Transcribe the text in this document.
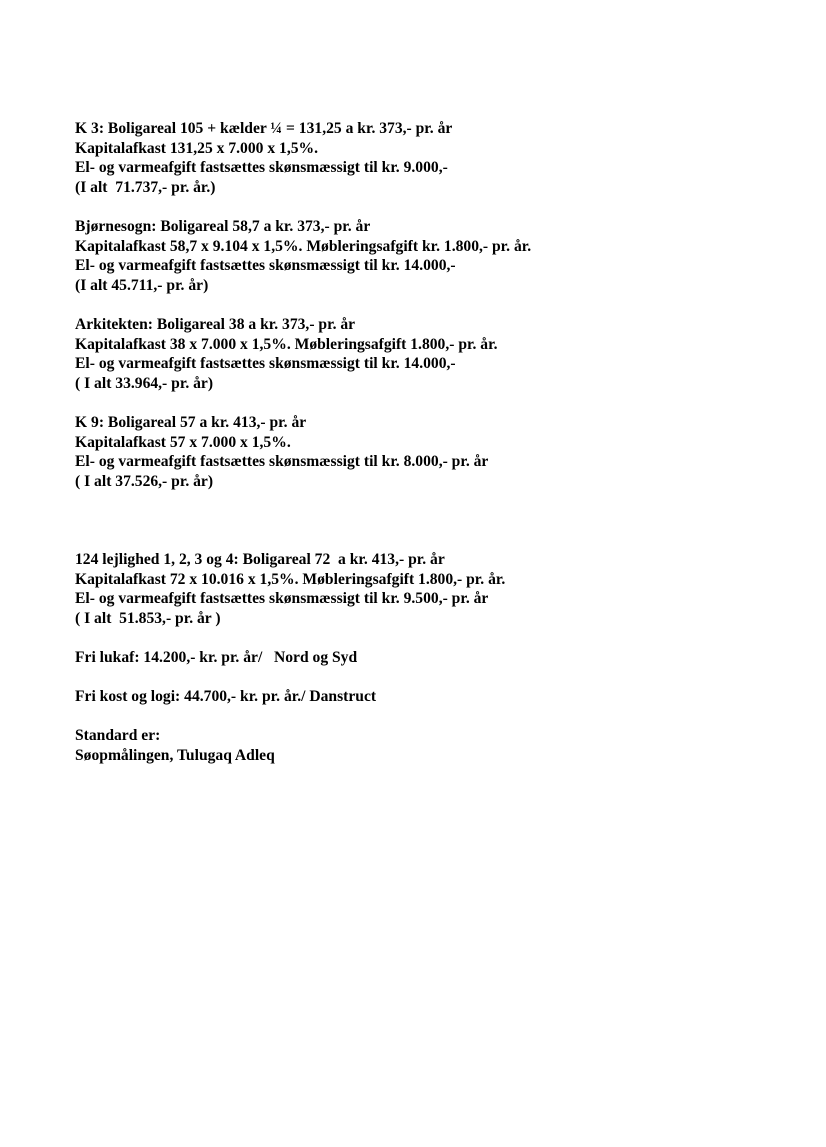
K 3: Boligareal 105 + kælder ¼ = 131,25 a kr. 373,- pr. år
Kapitalafkast 131,25 x 7.000 x 1,5%.
El- og varmeafgift fastsættes skønsmæssigt til kr. 9.000,-
(I alt  71.737,- pr. år.)
Bjørnesogn: Boligareal 58,7 a kr. 373,- pr. år
Kapitalafkast 58,7 x 9.104 x 1,5%. Møbleringsafgift kr. 1.800,- pr. år.
El- og varmeafgift fastsættes skønsmæssigt til kr. 14.000,-
(I alt 45.711,- pr. år)
Arkitekten: Boligareal 38 a kr. 373,- pr. år
Kapitalafkast 38 x 7.000 x 1,5%. Møbleringsafgift 1.800,- pr. år.
El- og varmeafgift fastsættes skønsmæssigt til kr. 14.000,-
( I alt 33.964,- pr. år)
K 9: Boligareal 57 a kr. 413,- pr. år
Kapitalafkast 57 x 7.000 x 1,5%.
El- og varmeafgift fastsættes skønsmæssigt til kr. 8.000,- pr. år
( I alt 37.526,- pr. år)
124 lejlighed 1, 2, 3 og 4: Boligareal 72  a kr. 413,- pr. år
Kapitalafkast 72 x 10.016 x 1,5%. Møbleringsafgift 1.800,- pr. år.
El- og varmeafgift fastsættes skønsmæssigt til kr. 9.500,- pr. år
( I alt  51.853,- pr. år )
Fri lukaf: 14.200,- kr. pr. år/   Nord og Syd
Fri kost og logi: 44.700,- kr. pr. år./ Danstruct
Standard er:
Søopmålingen, Tulugaq Adleq
